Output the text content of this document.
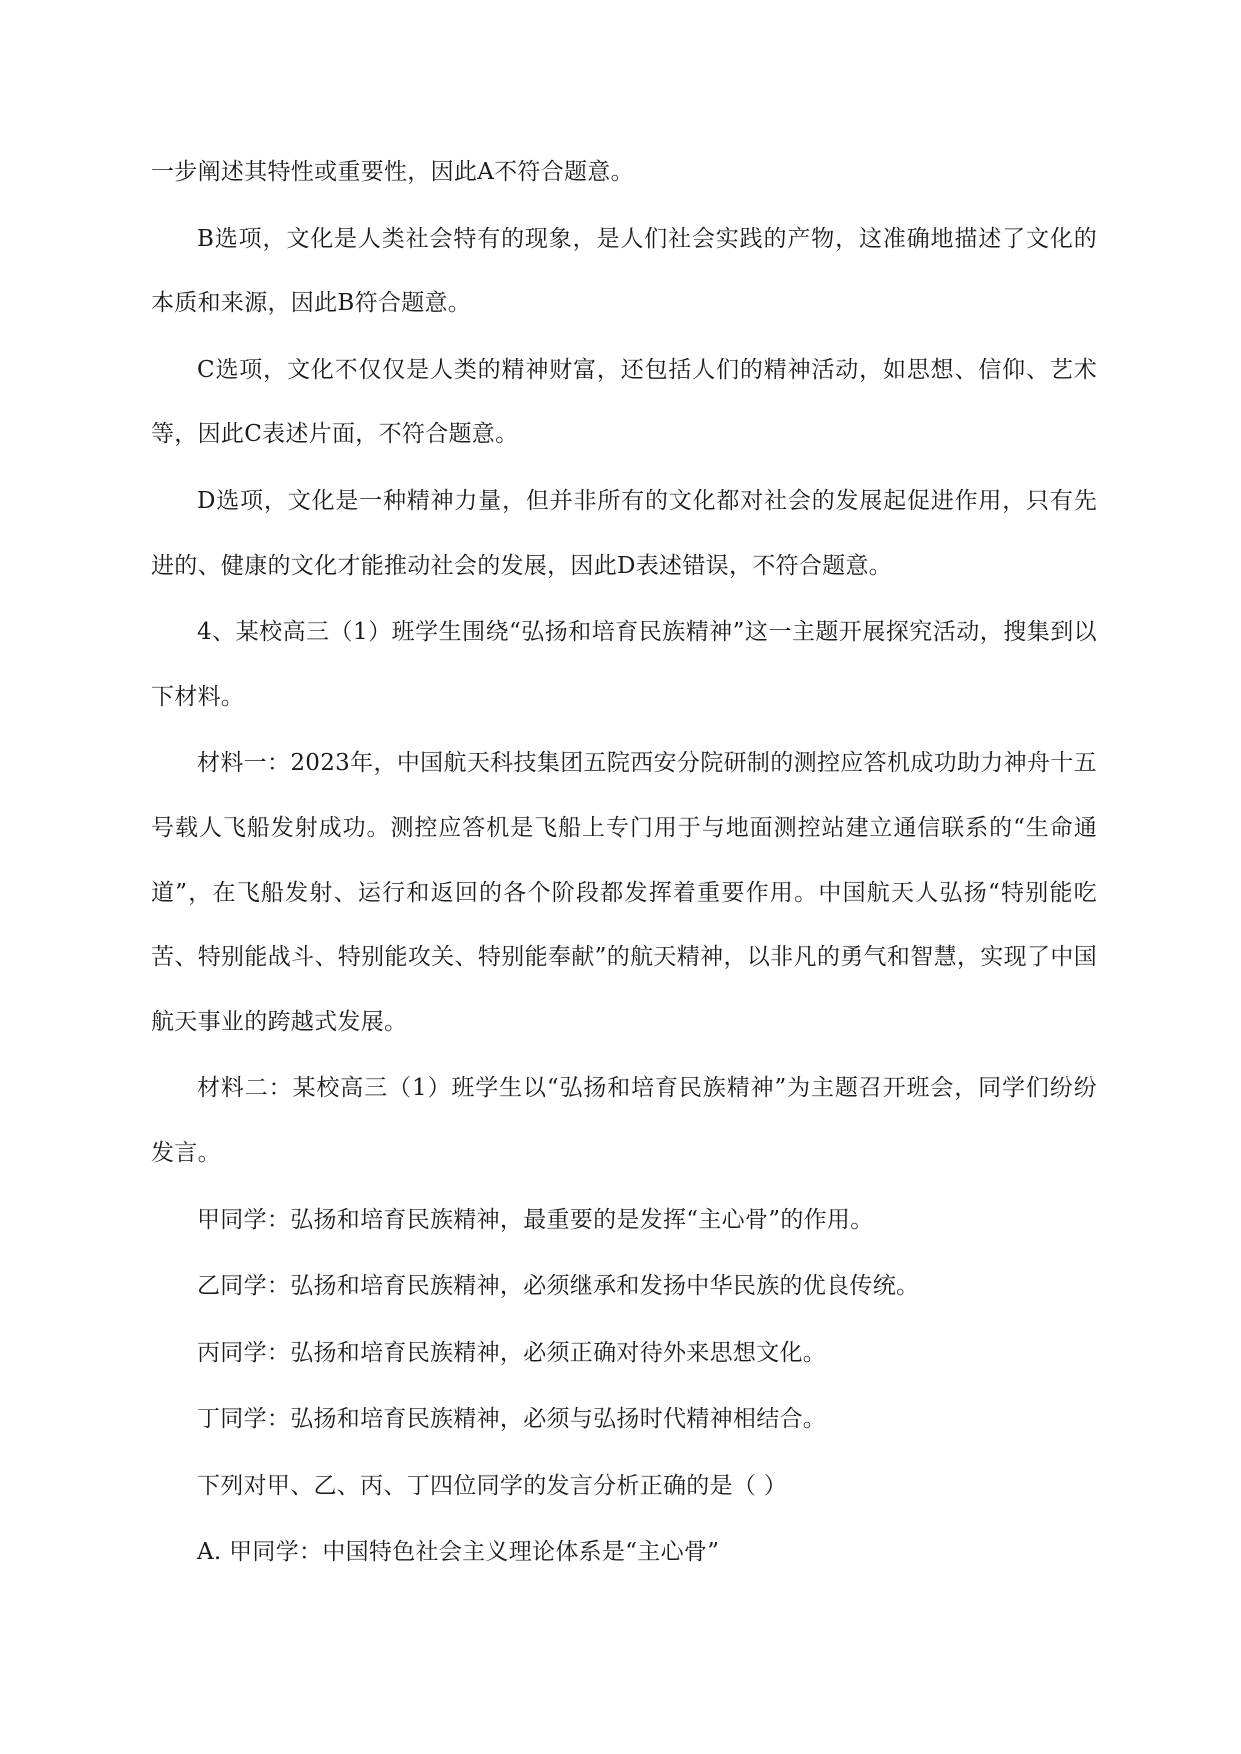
一步阐述其特性或重要性，因此A不符合题意。

B选项，文化是人类社会特有的现象，是人们社会实践的产物，这准确地描述了文化的本质和来源，因此B符合题意。

C选项，文化不仅仅是人类的精神财富，还包括人们的精神活动，如思想、信仰、艺术等，因此C表述片面，不符合题意。

D选项，文化是一种精神力量，但并非所有的文化都对社会的发展起促进作用，只有先进的、健康的文化才能推动社会的发展，因此D表述错误，不符合题意。

4、某校高三（1）班学生围绕“弘扬和培育民族精神”这一主题开展探究活动，搜集到以下材料。

材料一：2023年，中国航天科技集团五院西安分院研制的测控应答机成功助力神舟十五号载人飞船发射成功。测控应答机是飞船上专门用于与地面测控站建立通信联系的“生命通道”，在飞船发射、运行和返回的各个阶段都发挥着重要作用。中国航天人弘扬“特别能吃苦、特别能战斗、特别能攻关、特别能奉献”的航天精神，以非凡的勇气和智慧，实现了中国航天事业的跨越式发展。

材料二：某校高三（1）班学生以“弘扬和培育民族精神”为主题召开班会，同学们纷纷发言。

甲同学：弘扬和培育民族精神，最重要的是发挥“主心骨”的作用。

乙同学：弘扬和培育民族精神，必须继承和发扬中华民族的优良传统。

丙同学：弘扬和培育民族精神，必须正确对待外来思想文化。

丁同学：弘扬和培育民族精神，必须与弘扬时代精神相结合。

下列对甲、乙、丙、丁四位同学的发言分析正确的是（ ）

A. 甲同学：中国特色社会主义理论体系是“主心骨”
